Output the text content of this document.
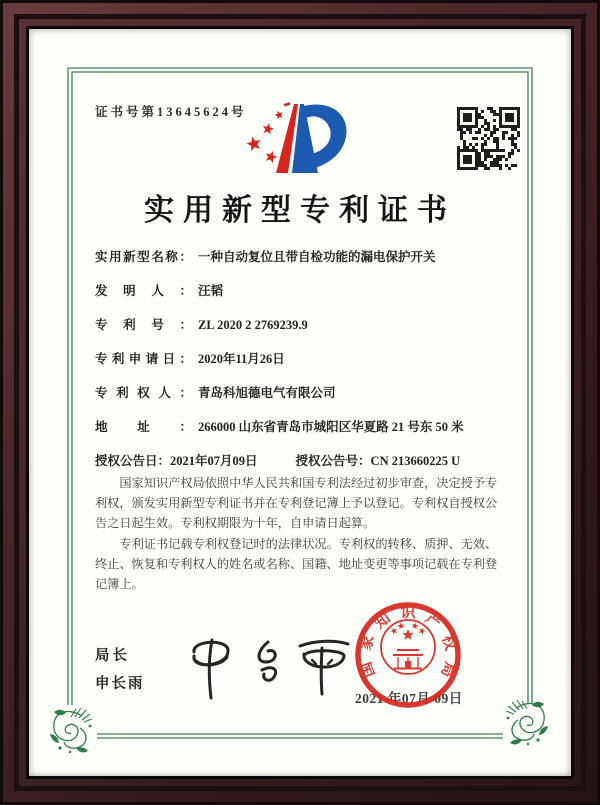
证书号第13645624号
实用新型专利证书
实用新型名称： 一种自动复位且带自检功能的漏电保护开关
发明人： 汪韬
专利号： ZL 2020 2 2769239.9
专利申请日： 2020年11月26日
专利权人： 青岛科旭德电气有限公司
地址： 266000 山东省青岛市城阳区华夏路 21 号东 50 米
授权公告日： 2021年07月09日	授权公告号： CN 213660225 U

国家知识产权局依照中华人民共和国专利法经过初步审查，决定授予专利权，颁发实用新型专利证书并在专利登记簿上予以登记。专利权自授权公告之日起生效。专利权期限为十年，自申请日起算。

专利证书记载专利权登记时的法律状况。专利权的转移、质押、无效、终止、恢复和专利权人的姓名或名称、国籍、地址变更等事项记载在专利登记簿上。

局长
申长雨
2021 年07月 09日
国
家
知 识 产
权
局
